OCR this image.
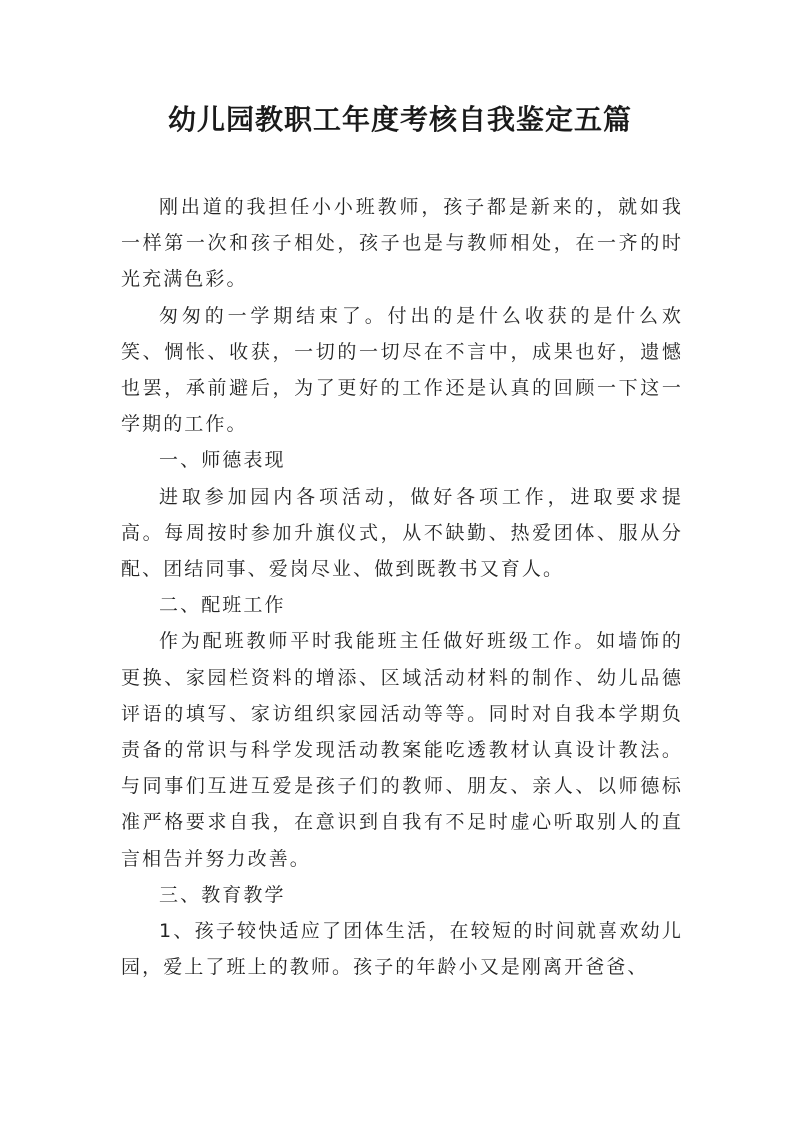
幼儿园教职工年度考核自我鉴定五篇

刚出道的我担任小小班教师，孩子都是新来的，就如我一样第一次和孩子相处，孩子也是与教师相处，在一齐的时光充满色彩。

匆匆的一学期结束了。付出的是什么收获的是什么欢笑、惆怅、收获，一切的一切尽在不言中，成果也好，遗憾也罢，承前避后，为了更好的工作还是认真的回顾一下这一学期的工作。

一、师德表现

进取参加园内各项活动，做好各项工作，进取要求提高。每周按时参加升旗仪式，从不缺勤、热爱团体、服从分配、团结同事、爱岗尽业、做到既教书又育人。

二、配班工作

作为配班教师平时我能班主任做好班级工作。如墙饰的更换、家园栏资料的增添、区域活动材料的制作、幼儿品德评语的填写、家访组织家园活动等等。同时对自我本学期负责备的常识与科学发现活动教案能吃透教材认真设计教法。与同事们互进互爱是孩子们的教师、朋友、亲人、以师德标准严格要求自我，在意识到自我有不足时虚心听取别人的直言相告并努力改善。

三、教育教学

1、孩子较快适应了团体生活，在较短的时间就喜欢幼儿园，爱上了班上的教师。孩子的年龄小又是刚离开爸爸、
